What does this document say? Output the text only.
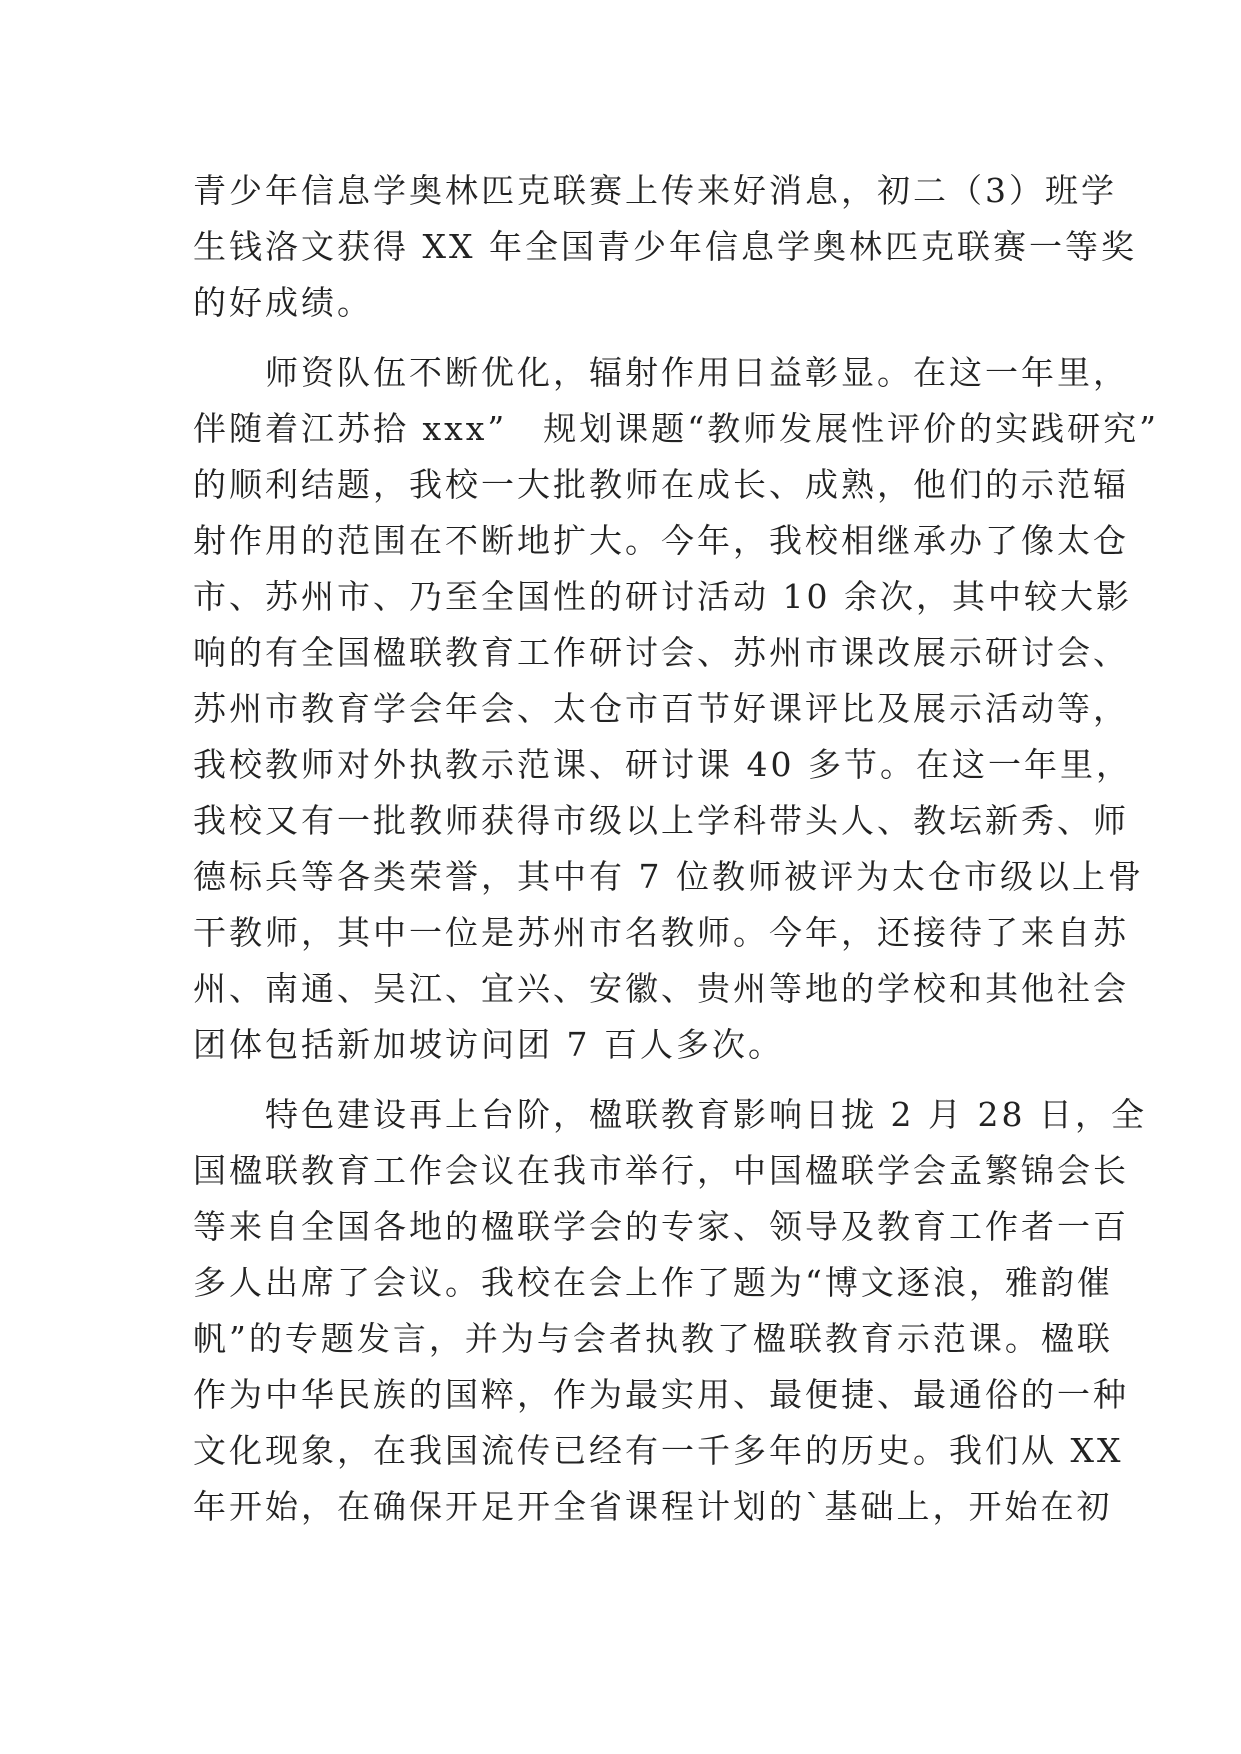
青少年信息学奥林匹克联赛上传来好消息，初二（3）班学
生钱洛文获得 XX 年全国青少年信息学奥林匹克联赛一等奖
的好成绩。
　　师资队伍不断优化，辐射作用日益彰显。在这一年里，
伴随着江苏拾 xxx”　规划课题“教师发展性评价的实践研究”
的顺利结题，我校一大批教师在成长、成熟，他们的示范辐
射作用的范围在不断地扩大。今年，我校相继承办了像太仓
市、苏州市、乃至全国性的研讨活动 10 余次，其中较大影
响的有全国楹联教育工作研讨会、苏州市课改展示研讨会、
苏州市教育学会年会、太仓市百节好课评比及展示活动等，
我校教师对外执教示范课、研讨课 40 多节。在这一年里，
我校又有一批教师获得市级以上学科带头人、教坛新秀、师
德标兵等各类荣誉，其中有 7 位教师被评为太仓市级以上骨
干教师，其中一位是苏州市名教师。今年，还接待了来自苏
州、南通、吴江、宜兴、安徽、贵州等地的学校和其他社会
团体包括新加坡访问团 7 百人多次。
　　特色建设再上台阶，楹联教育影响日拢 2 月 28 日，全
国楹联教育工作会议在我市举行，中国楹联学会孟繁锦会长
等来自全国各地的楹联学会的专家、领导及教育工作者一百
多人出席了会议。我校在会上作了题为“博文逐浪，雅韵催
帆”的专题发言，并为与会者执教了楹联教育示范课。楹联
作为中华民族的国粹，作为最实用、最便捷、最通俗的一种
文化现象，在我国流传已经有一千多年的历史。我们从 XX
年开始，在确保开足开全省课程计划的`基础上，开始在初
